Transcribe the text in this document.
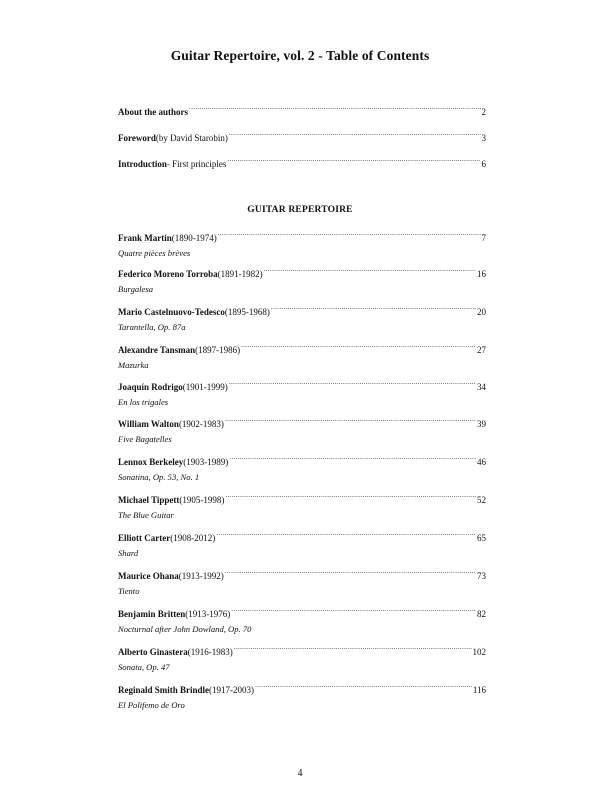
Guitar Repertoire, vol. 2 - Table of Contents
About the authors .....	2
Foreword (by David Starobin) .....	3
Introduction - First principles .....	6
GUITAR REPERTOIRE
Frank Martin (1890-1974) .....	7
Quatre pièces brèves
Federico Moreno Torroba (1891-1982) .....	16
Burgalesa
Mario Castelnuovo-Tedesco (1895-1968) .....	20
Tarantella, Op. 87a
Alexandre Tansman (1897-1986) .....	27
Mazurka
Joaquín Rodrigo (1901-1999) .....	34
En los trigales
William Walton (1902-1983) .....	39
Five Bagatelles
Lennox Berkeley (1903-1989) .....	46
Sonatina, Op. 53, No. 1
Michael Tippett (1905-1998) .....	52
The Blue Guitar
Elliott Carter (1908-2012) .....	65
Shard
Maurice Ohana (1913-1992) .....	73
Tiento
Benjamin Britten (1913-1976) .....	82
Nocturnal after John Dowland, Op. 70
Alberto Ginastera (1916-1983) .....	102
Sonata, Op. 47
Reginald Smith Brindle (1917-2003) .....	116
El Polifemo de Oro
4
